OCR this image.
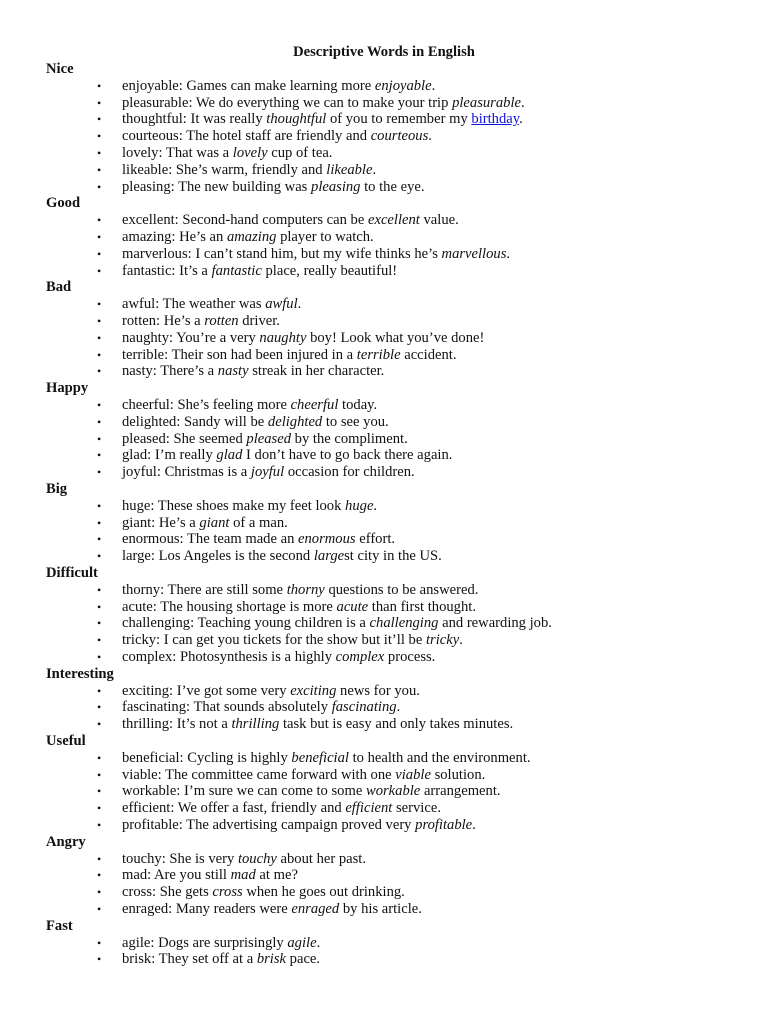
Descriptive Words in English
Nice
•	enjoyable: Games can make learning more enjoyable.
•	pleasurable: We do everything we can to make your trip pleasurable.
•	thoughtful: It was really thoughtful of you to remember my birthday.
•	courteous: The hotel staff are friendly and courteous.
•	lovely: That was a lovely cup of tea.
•	likeable: She’s warm, friendly and likeable.
•	pleasing: The new building was pleasing to the eye.
Good
•	excellent: Second-hand computers can be excellent value.
•	amazing: He’s an amazing player to watch.
•	marverlous: I can’t stand him, but my wife thinks he’s marvellous.
•	fantastic: It’s a fantastic place, really beautiful!
Bad
•	awful: The weather was awful.
•	rotten: He’s a rotten driver.
•	naughty: You’re a very naughty boy! Look what you’ve done!
•	terrible: Their son had been injured in a terrible accident.
•	nasty: There’s a nasty streak in her character.
Happy
•	cheerful: She’s feeling more cheerful today.
•	delighted: Sandy will be delighted to see you.
•	pleased: She seemed pleased by the compliment.
•	glad: I’m really glad I don’t have to go back there again.
•	joyful: Christmas is a joyful occasion for children.
Big
•	huge: These shoes make my feet look huge.
•	giant: He’s a giant of a man.
•	enormous: The team made an enormous effort.
•	large: Los Angeles is the second largest city in the US.
Difficult
•	thorny: There are still some thorny questions to be answered.
•	acute: The housing shortage is more acute than first thought.
•	challenging: Teaching young children is a challenging and rewarding job.
•	tricky: I can get you tickets for the show but it’ll be tricky.
•	complex: Photosynthesis is a highly complex process.
Interesting
•	exciting: I’ve got some very exciting news for you.
•	fascinating: That sounds absolutely fascinating.
•	thrilling: It’s not a thrilling task but is easy and only takes minutes.
Useful
•	beneficial: Cycling is highly beneficial to health and the environment.
•	viable: The committee came forward with one viable solution.
•	workable: I’m sure we can come to some workable arrangement.
•	efficient: We offer a fast, friendly and efficient service.
•	profitable: The advertising campaign proved very profitable.
Angry
•	touchy: She is very touchy about her past.
•	mad: Are you still mad at me?
•	cross: She gets cross when he goes out drinking.
•	enraged: Many readers were enraged by his article.
Fast
•	agile: Dogs are surprisingly agile.
•	brisk: They set off at a brisk pace.
